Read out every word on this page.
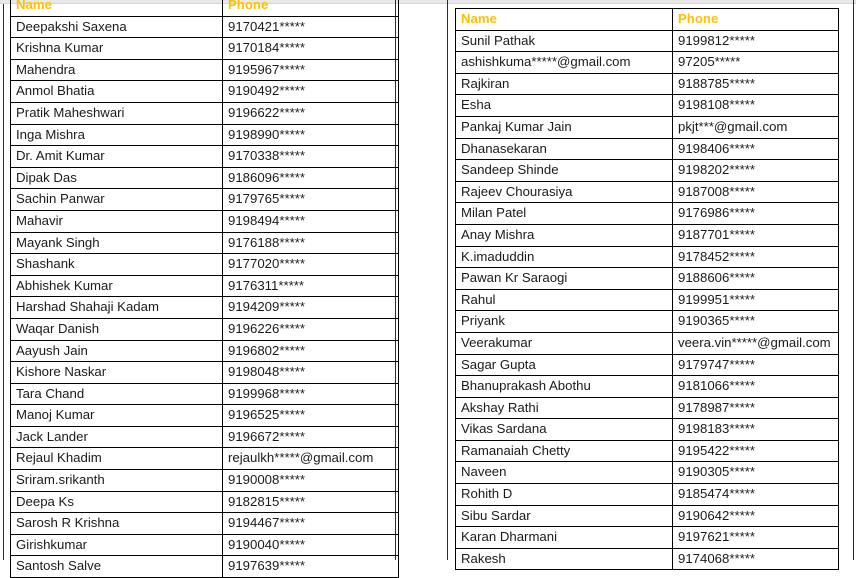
Name	Phone
Deepakshi Saxena	9170421*****
Krishna Kumar	9170184*****
Mahendra	9195967*****
Anmol Bhatia	9190492*****
Pratik Maheshwari	9196622*****
Inga Mishra	9198990*****
Dr. Amit Kumar	9170338*****
Dipak Das	9186096*****
Sachin Panwar	9179765*****
Mahavir	9198494*****
Mayank Singh	9176188*****
Shashank	9177020*****
Abhishek Kumar	9176311*****
Harshad Shahaji Kadam	9194209*****
Waqar Danish	9196226*****
Aayush Jain	9196802*****
Kishore Naskar	9198048*****
Tara Chand	9199968*****
Manoj Kumar	9196525*****
Jack Lander	9196672*****
Rejaul Khadim	rejaulkh*****@gmail.com
Sriram.srikanth	9190008*****
Deepa Ks	9182815*****
Sarosh R Krishna	9194467*****
Girishkumar	9190040*****
Santosh Salve	9197639*****
Name	Phone
Sunil Pathak	9199812*****
ashishkuma*****@gmail.com	97205*****
Rajkiran	9188785*****
Esha	9198108*****
Pankaj Kumar Jain	pkjt***@gmail.com
Dhanasekaran	9198406*****
Sandeep Shinde	9198202*****
Rajeev Chourasiya	9187008*****
Milan Patel	9176986*****
Anay Mishra	9187701*****
K.imaduddin	9178452*****
Pawan Kr Saraogi	9188606*****
Rahul	9199951*****
Priyank	9190365*****
Veerakumar	veera.vin*****@gmail.com
Sagar Gupta	9179747*****
Bhanuprakash Abothu	9181066*****
Akshay Rathi	9178987*****
Vikas Sardana	9198183*****
Ramanaiah Chetty	9195422*****
Naveen	9190305*****
Rohith D	9185474*****
Sibu Sardar	9190642*****
Karan Dharmani	9197621*****
Rakesh	9174068*****
